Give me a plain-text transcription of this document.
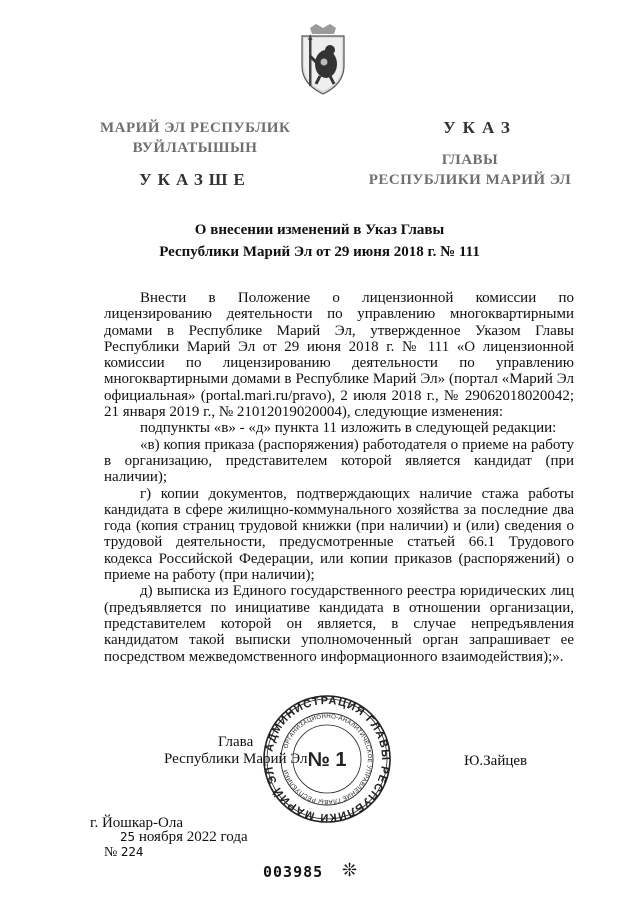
МАРИЙ ЭЛ РЕСПУБЛИК
ВУЙЛАТЫШЫН
УКАЗШЕ
УКАЗ
ГЛАВЫ
РЕСПУБЛИКИ МАРИЙ ЭЛ
О внесении изменений в Указ Главы
Республики Марий Эл от 29 июня 2018 г. № 111

Внести в Положение о лицензионной комиссии по лицензированию деятельности по управлению многоквартирными домами в Республике Марий Эл, утвержденное Указом Главы Республики Марий Эл от 29 июня 2018 г. № 111 «О лицензионной комиссии по лицензированию деятельности по управлению многоквартирными домами в Республике Марий Эл» (портал «Марий Эл официальная» (portal.mari.ru/pravo), 2 июля 2018 г., № 29062018020042; 21 января 2019 г., № 21012019020004), следующие изменения:

подпункты «в» - «д» пункта 11 изложить в следующей редакции:

«в) копия приказа (распоряжения) работодателя о приеме на работу в организацию, представителем которой является кандидат (при наличии);

г) копии документов, подтверждающих наличие стажа работы кандидата в сфере жилищно-коммунального хозяйства за последние два года (копия страниц трудовой книжки (при наличии) и (или) сведения о трудовой деятельности, предусмотренные статьей 66.1 Трудового кодекса Российской Федерации, или копии приказов (распоряжений) о приеме на работу (при наличии);

д) выписка из Единого государственного реестра юридических лиц (предъявляется по инициативе кандидата в отношении организации, представителем которой он является, в случае непредъявления кандидатом такой выписки уполномоченный орган запрашивает ее посредством межведомственного информационного взаимодействия);».

Глава
Республики Марий Эл	Ю.Зайцев
АДМИНИСТРАЦИЯ ГЛАВЫ РЕСПУБЛИКИ МАРИЙ ЭЛ
ОРГАНИЗАЦИОННО-АНАЛИТИЧЕСКОЕ УПРАВЛЕНИЕ ГЛАВЫ РЕСПУБЛИКИ
№ 1
г. Йошкар-Ола
25 ноября 2022 года
№ 224
003985 ❊
